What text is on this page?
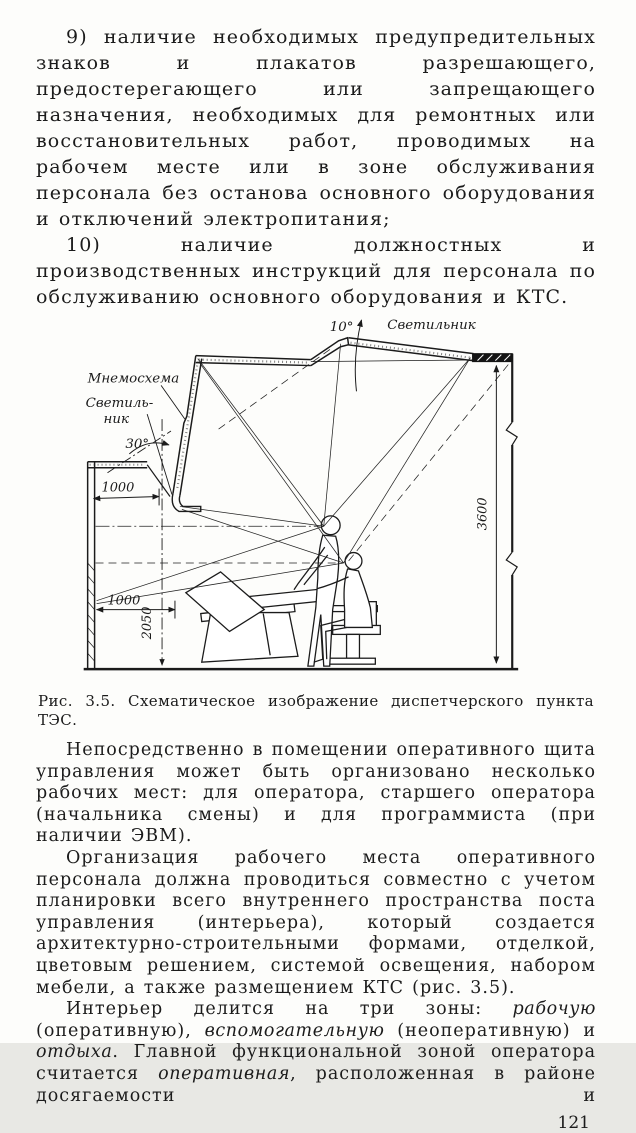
9) наличие необходимых предупредительных знаков и плакатов разрешающего, предостерегающего или запрещающего назначения, необходимых для ремонтных или восстановительных работ, проводимых на рабочем месте или в зоне обслуживания персонала без останова основного оборудования и отключений электропитания;

10) наличие должностных и производственных инструкций для персонала по обслуживанию основного оборудования и КТС.

10°	Светильник
Мнемосхема
Светиль-
ник
30°
1000
1000
2050
3600
Рис. 3.5. Схематическое изображение диспетчерского пункта ТЭС.

Непосредственно в помещении оперативного щита управления может быть организовано несколько рабочих мест: для оператора, старшего оператора (начальника смены) и для программиста (при наличии ЭВМ).

Организация рабочего места оперативного персонала должна проводиться совместно с учетом планировки всего внутреннего пространства поста управления (интерьера), который создается архитектурно-строительными формами, отделкой, цветовым решением, системой освещения, набором мебели, а также размещением КТС (рис. 3.5).

Интерьер делится на три зоны: рабочую (оперативную), вспомогательную (неоперативную) и отдыха. Главной функциональной зоной оператора считается оперативная, расположенная в районе досягаемости и

121
